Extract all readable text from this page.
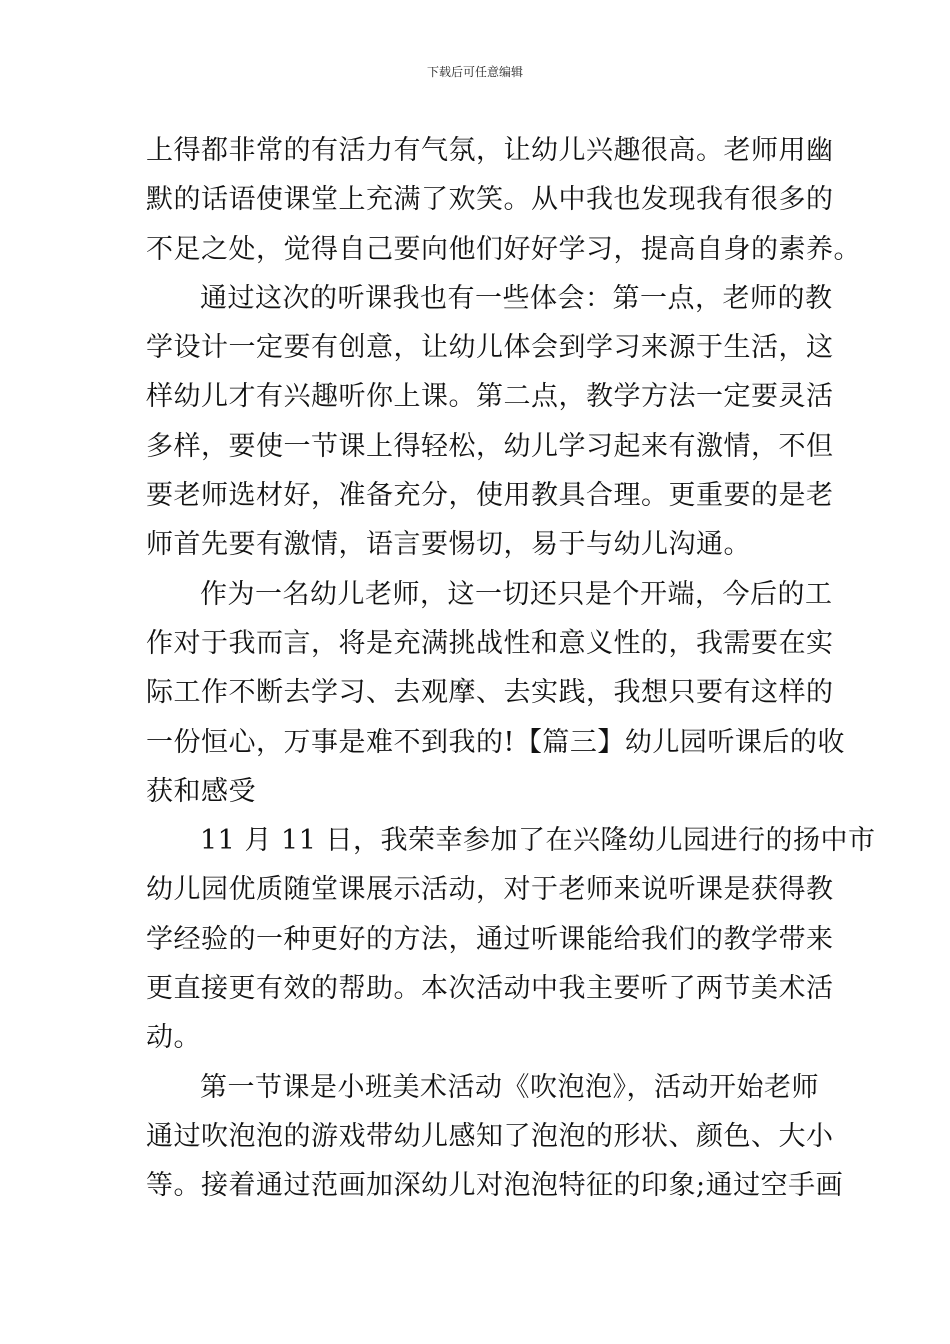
下载后可任意编辑
上得都非常的有活力有气氛，让幼儿兴趣很高。老师用幽
默的话语使课堂上充满了欢笑。从中我也发现我有很多的
不足之处，觉得自己要向他们好好学习，提高自身的素养。
通过这次的听课我也有一些体会：第一点，老师的教
学设计一定要有创意，让幼儿体会到学习来源于生活，这
样幼儿才有兴趣听你上课。第二点，教学方法一定要灵活
多样，要使一节课上得轻松，幼儿学习起来有激情，不但
要老师选材好，准备充分，使用教具合理。更重要的是老
师首先要有激情，语言要惕切，易于与幼儿沟通。
作为一名幼儿老师，这一切还只是个开端，今后的工
作对于我而言，将是充满挑战性和意义性的，我需要在实
际工作不断去学习、去观摩、去实践，我想只要有这样的
一份恒心，万事是难不到我的!【篇三】幼儿园听课后的收
获和感受
11 月 11 日，我荣幸参加了在兴隆幼儿园进行的扬中市
幼儿园优质随堂课展示活动，对于老师来说听课是获得教
学经验的一种更好的方法，通过听课能给我们的教学带来
更直接更有效的帮助。本次活动中我主要听了两节美术活
动。
第一节课是小班美术活动《吹泡泡》，活动开始老师
通过吹泡泡的游戏带幼儿感知了泡泡的形状、颜色、大小
等。接着通过范画加深幼儿对泡泡特征的印象;通过空手画
